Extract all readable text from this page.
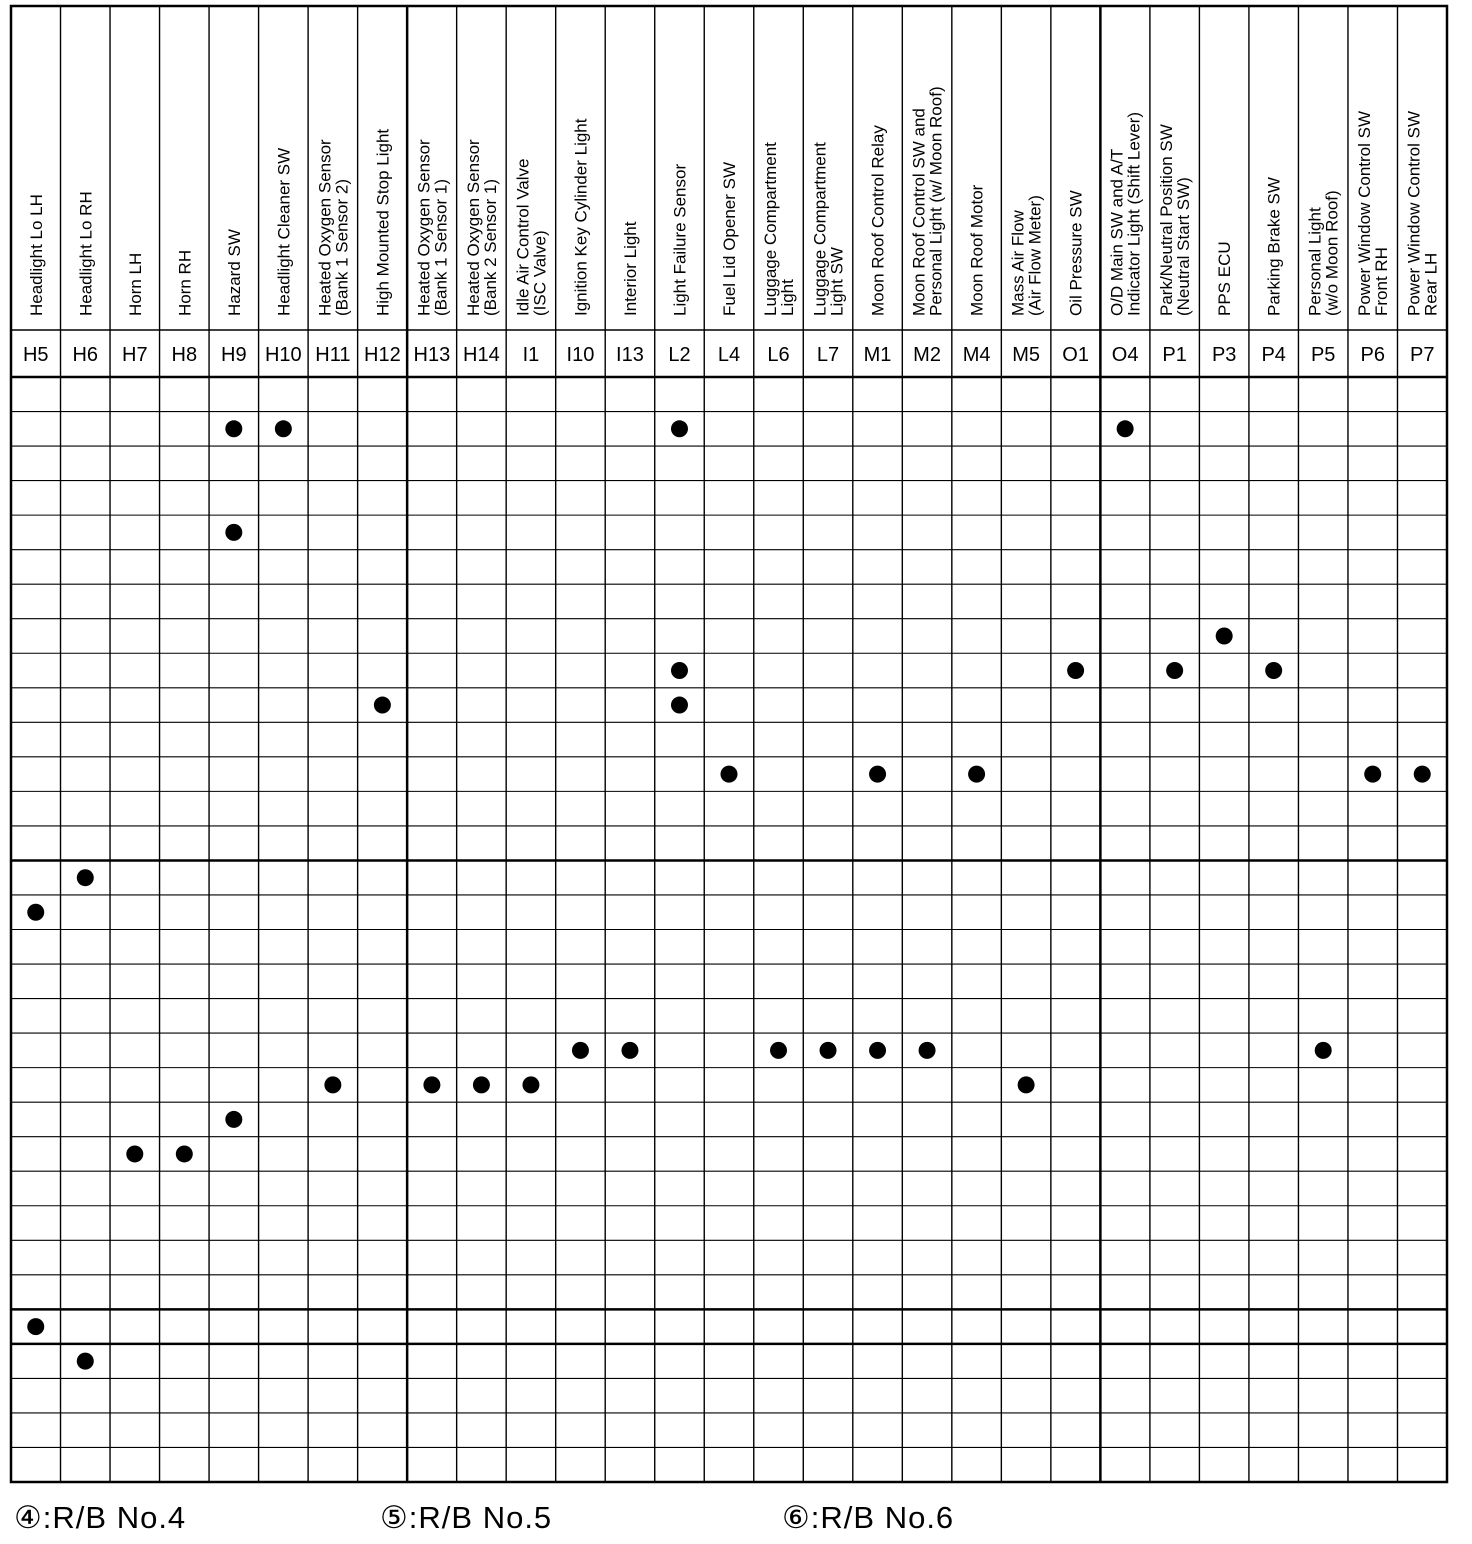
Headlight Lo LH
H5
Headlight Lo RH
H6
Horn LH
H7
Horn RH
H8
Hazard SW
H9
Headlight Cleaner SW
H10
Heated Oxygen Sensor
(Bank 1 Sensor 2)
H11
High Mounted Stop Light
H12
Heated Oxygen Sensor
(Bank 1 Sensor 1)
H13
Heated Oxygen Sensor
(Bank 2 Sensor 1)
H14
Idle Air Control Valve
(ISC Valve)
I1
Ignition Key Cylinder Light
I10
Interior Light
I13
Light Failure Sensor
L2
Fuel Lid Opener SW
L4
Luggage Compartment
Light
L6
Luggage Compartment
Light SW
L7
Moon Roof Control Relay
M1
Moon Roof Control SW and
Personal Light (w/ Moon Roof)
M2
Moon Roof Motor
M4
Mass Air Flow
(Air Flow Meter)
M5
Oil Pressure SW
O1
O/D Main SW and A/T
Indicator Light (Shift Lever)
O4
Park/Neutral Position SW
(Neutral Start SW)
P1
PPS ECU
P3
Parking Brake SW
P4
Personal Light
(w/o Moon Roof)
P5
Power Window Control SW
Front RH
P6
Power Window Control SW
Rear LH
P7
④:R/B No.4	⑤:R/B No.5	⑥:R/B No.6
